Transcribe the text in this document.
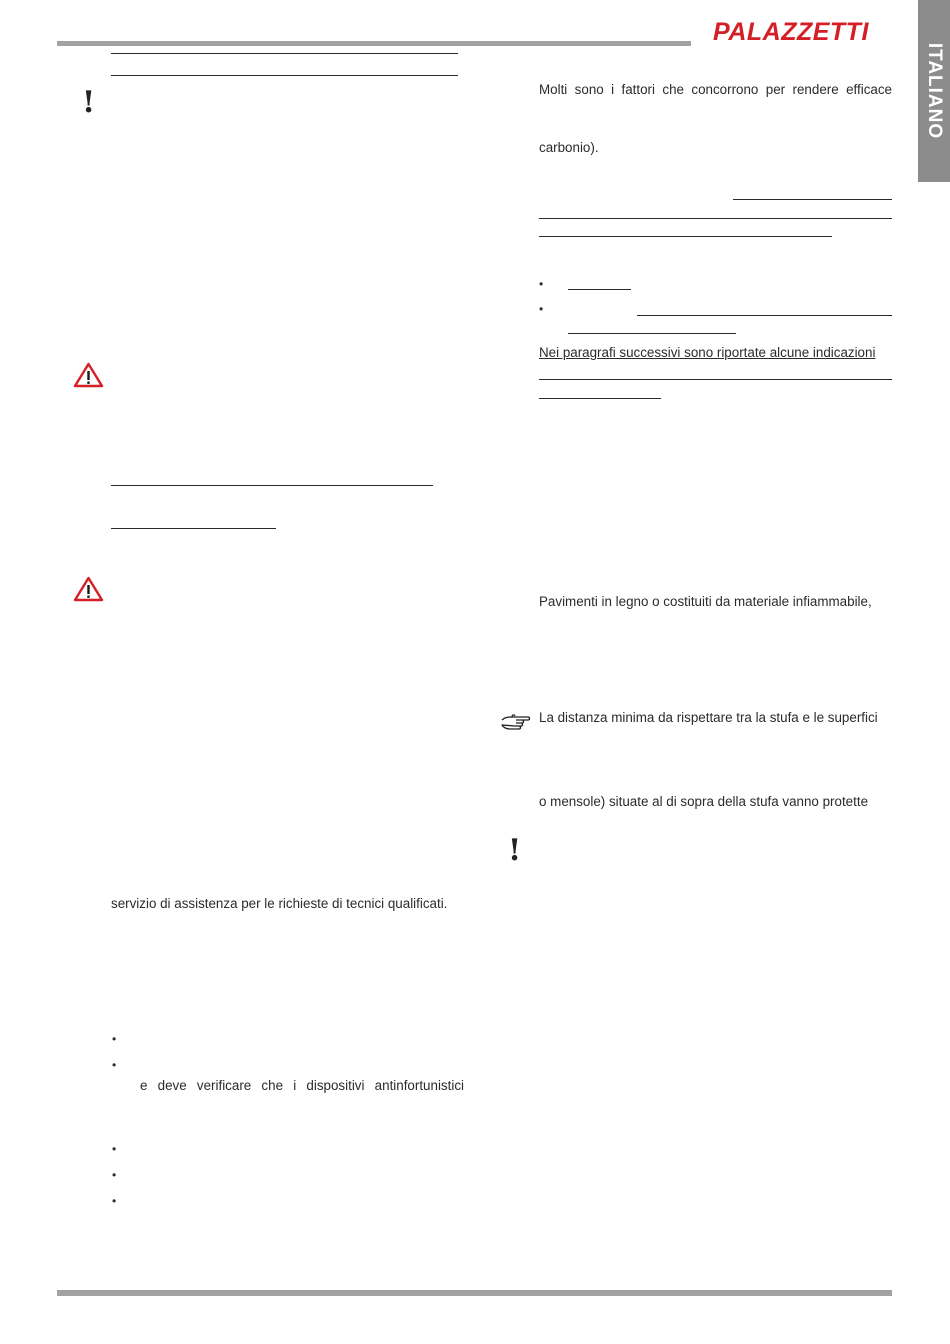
PALAZZETTI
ITALIANO
!
servizio di assistenza per le richieste di tecnici qualificati.
•
•
e deve verificare che i dispositivi antinfortunistici
•
•
•
Molti sono i fattori che concorrono per rendere efficace
carbonio).
•
•
Nei paragrafi successivi sono riportate alcune indicazioni
Pavimenti in legno o costituiti da materiale infiammabile,
La distanza minima da rispettare tra la stufa e le superfici
o mensole) situate al di sopra della stufa vanno protette
!
